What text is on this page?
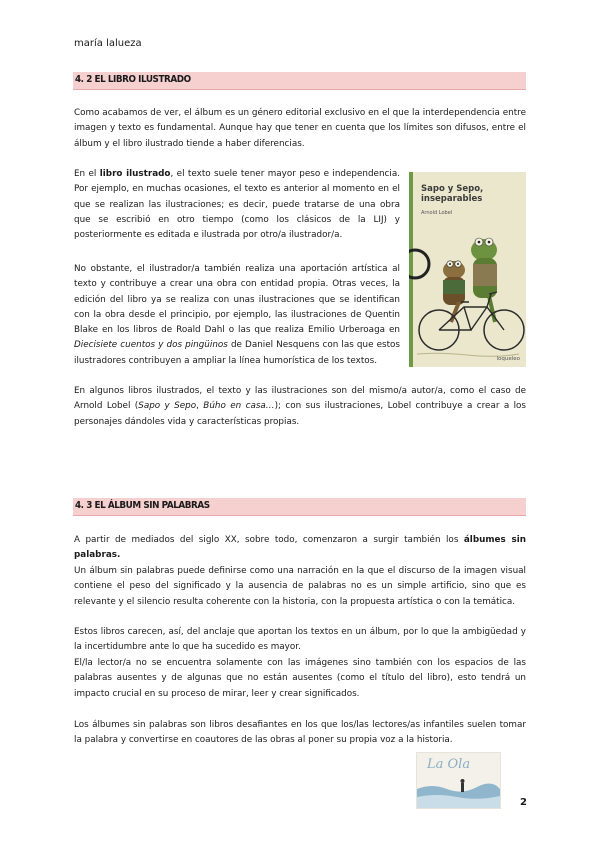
maría lalueza
4. 2 EL LIBRO ILUSTRADO

Como acabamos de ver, el álbum es un género editorial exclusivo en el que la interdependencia entre imagen y texto es fundamental. Aunque hay que tener en cuenta que los límites son difusos, entre el álbum y el libro ilustrado tiende a haber diferencias.

En el libro ilustrado, el texto suele tener mayor peso e independencia. Por ejemplo, en muchas ocasiones, el texto es anterior al momento en el que se realizan las ilustraciones; es decir, puede tratarse de una obra que se escribió en otro tiempo (como los clásicos de la LIJ) y posteriormente es editada e ilustrada por otro/a ilustrador/a.

No obstante, el ilustrador/a también realiza una aportación artística al texto y contribuye a crear una obra con entidad propia. Otras veces, la edición del libro ya se realiza con unas ilustraciones que se identifican con la obra desde el principio, por ejemplo, las ilustraciones de Quentin Blake en los libros de Roald Dahl o las que realiza Emilio Urberoaga en Diecisiete cuentos y dos pingüinos de Daniel Nesquens con las que estos ilustradores contribuyen a ampliar la línea humorística de los textos.

En algunos libros ilustrados, el texto y las ilustraciones son del mismo/a autor/a, como el caso de Arnold Lobel (Sapo y Sepo, Búho en casa…); con sus ilustraciones, Lobel contribuye a crear a los personajes dándoles vida y características propias.

Sapo y Sepo,
inseparables
Arnold Lobel
loqueleo
4. 3 EL ÁLBUM SIN PALABRAS

A partir de mediados del siglo XX, sobre todo, comenzaron a surgir también los álbumes sin palabras.

Un álbum sin palabras puede definirse como una narración en la que el discurso de la imagen visual contiene el peso del significado y la ausencia de palabras no es un simple artificio, sino que es relevante y el silencio resulta coherente con la historia, con la propuesta artística o con la temática.

Estos libros carecen, así, del anclaje que aportan los textos en un álbum, por lo que la ambigüedad y la incertidumbre ante lo que ha sucedido es mayor.

El/la lector/a no se encuentra solamente con las imágenes sino también con los espacios de las palabras ausentes y de algunas que no están ausentes (como el título del libro), esto tendrá un impacto crucial en su proceso de mirar, leer y crear significados.

Los álbumes sin palabras son libros desafiantes en los que los/las lectores/as infantiles suelen tomar la palabra y convertirse en coautores de las obras al poner su propia voz a la historia.

La Ola
2
